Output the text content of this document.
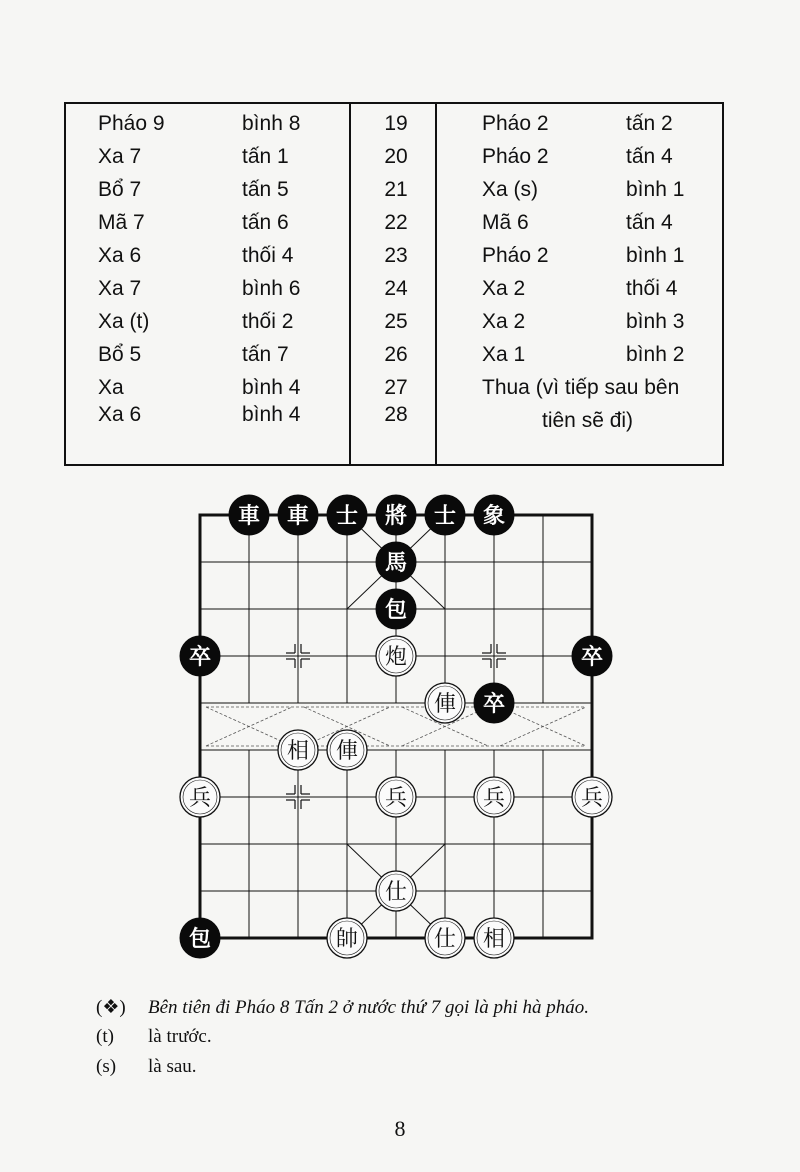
Pháo 9	bình 8	19	Pháo 2	tấn 2
Xa 7	tấn 1	20	Pháo 2	tấn 4
Bổ 7	tấn 5	21	Xa (s)	bình 1
Mã 7	tấn 6	22	Mã 6	tấn 4
Xa 6	thối 4	23	Pháo 2	bình 1
Xa 7	bình 6	24	Xa 2	thối 4
Xa (t)	thối 2	25	Xa 2	bình 3
Bổ 5	tấn 7	26	Xa 1	bình 2
Xa	bình 4	27	Thua (vì tiếp sau bên
Xa 6	bình 4	28	tiên sẽ đi)
車 車 士 將 士 象
馬
包
卒	炮	卒
俥 卒
相 俥
兵	兵	兵	兵
仕
包	帥	仕 相
(❖) Bên tiên đi Pháo 8 Tấn 2 ở nước thứ 7 gọi là phi hà pháo.
(t) là trước.
(s) là sau.
8
